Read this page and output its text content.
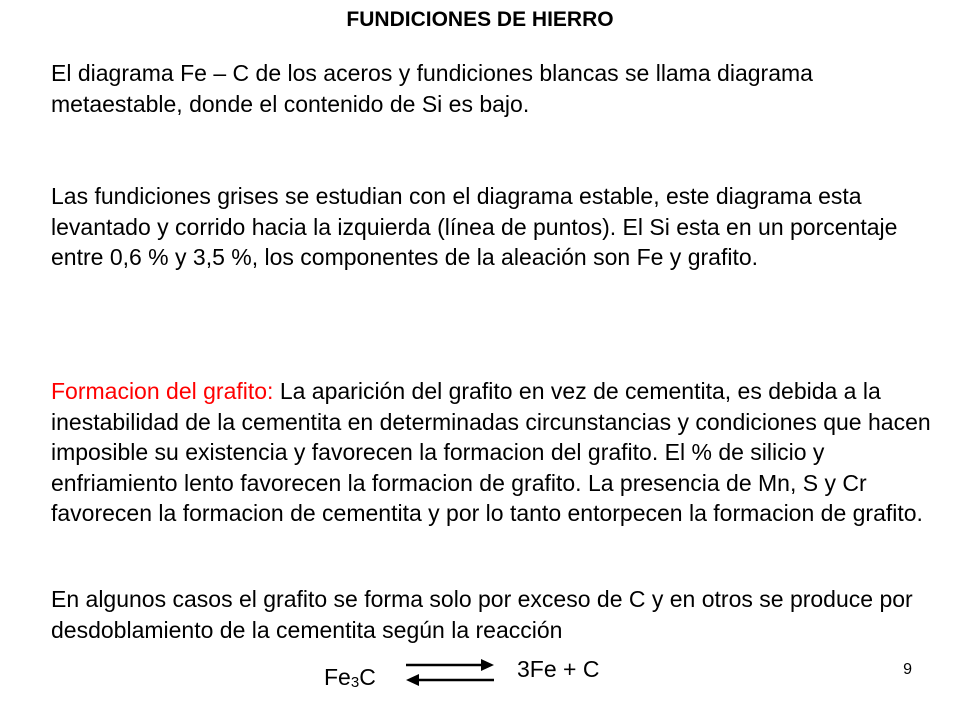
FUNDICIONES DE HIERRO

El diagrama Fe – C de los aceros y fundiciones blancas se llama diagrama metaestable, donde el contenido de Si es bajo.

Las fundiciones grises se estudian con el diagrama estable, este diagrama esta levantado y corrido hacia la izquierda (línea de puntos). El Si esta en un porcentaje entre 0,6 % y 3,5 %, los componentes de la aleación son Fe y grafito.

Formacion del grafito: La aparición del grafito en vez de cementita, es debida a la inestabilidad de la cementita en determinadas circunstancias y condiciones que hacen imposible su existencia y favorecen la formacion del grafito. El % de silicio y enfriamiento lento favorecen la formacion de grafito. La presencia de Mn, S y Cr favorecen la formacion de cementita y por lo tanto entorpecen la formacion de grafito.

En algunos casos el grafito se forma solo por exceso de C y en otros se produce por desdoblamiento de la cementita según la reacción

$Fe_3C$	3Fe + C	9
